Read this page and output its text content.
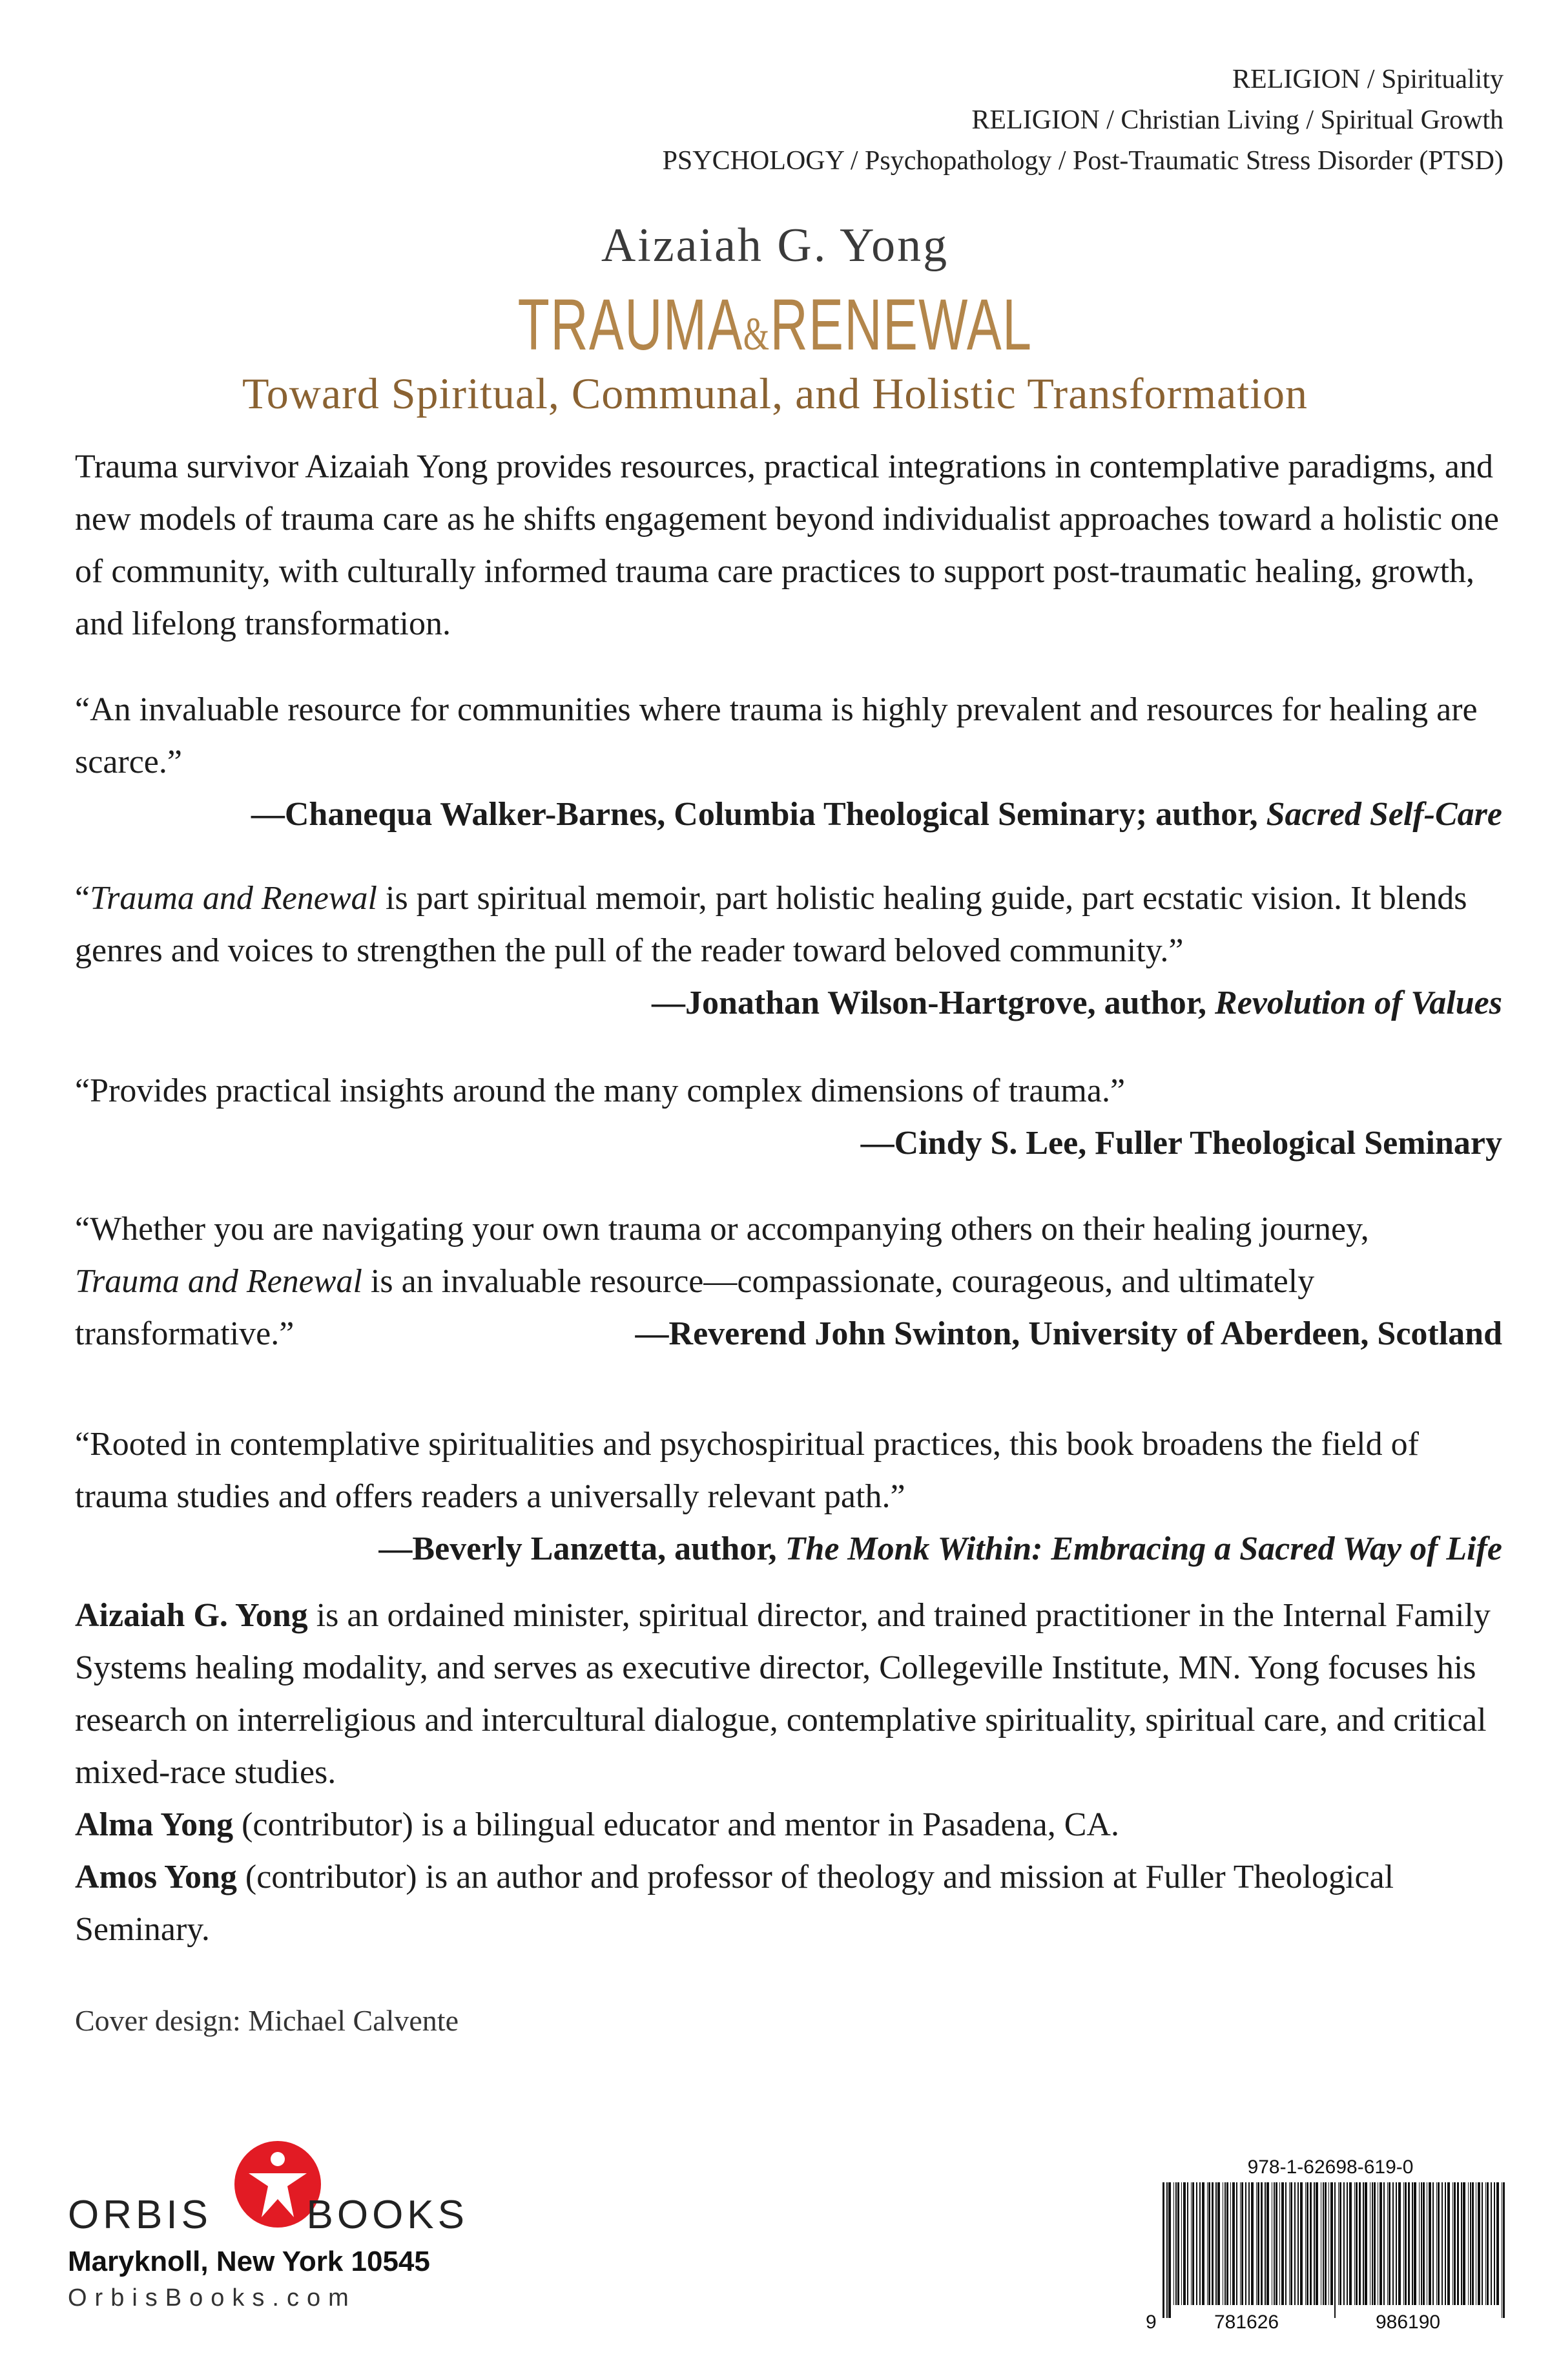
RELIGION / Spirituality
RELIGION / Christian Living / Spiritual Growth
PSYCHOLOGY / Psychopathology / Post-Traumatic Stress Disorder (PTSD)
Aizaiah G. Yong
TRAUMA&RENEWAL
Toward Spiritual, Communal, and Holistic Transformation
Trauma survivor Aizaiah Yong provides resources, practical integrations in contemplative paradigms, and new models of trauma care as he shifts engagement beyond individualist approaches toward a holistic one of community, with culturally informed trauma care practices to support post-traumatic healing, growth, and lifelong transformation.
“An invaluable resource for communities where trauma is highly prevalent and resources for healing are scarce.”
—Chanequa Walker-Barnes, Columbia Theological Seminary; author, Sacred Self-Care
“Trauma and Renewal is part spiritual memoir, part holistic healing guide, part ecstatic vision. It blends genres and voices to strengthen the pull of the reader toward beloved community.”
—Jonathan Wilson-Hartgrove, author, Revolution of Values
“Provides practical insights around the many complex dimensions of trauma.”
—Cindy S. Lee, Fuller Theological Seminary
“Whether you are navigating your own trauma or accompanying others on their healing journey,
Trauma and Renewal is an invaluable resource—compassionate, courageous, and ultimately
transformative.”	—Reverend John Swinton, University of Aberdeen, Scotland
“Rooted in contemplative spiritualities and psychospiritual practices, this book broadens the field of trauma studies and offers readers a universally relevant path.”
—Beverly Lanzetta, author, The Monk Within: Embracing a Sacred Way of Life
Aizaiah G. Yong is an ordained minister, spiritual director, and trained practitioner in the Internal Family Systems healing modality, and serves as executive director, Collegeville Institute, MN. Yong focuses his research on interreligious and intercultural dialogue, contemplative spirituality, spiritual care, and critical mixed-race studies.
Alma Yong (contributor) is a bilingual educator and mentor in Pasadena, CA.
Amos Yong (contributor) is an author and professor of theology and mission at Fuller Theological Seminary.
Cover design: Michael Calvente
ORBIS BOOKS
Maryknoll, New York 10545
OrbisBooks.com
978-1-62698-619-0
9	781626	986190
